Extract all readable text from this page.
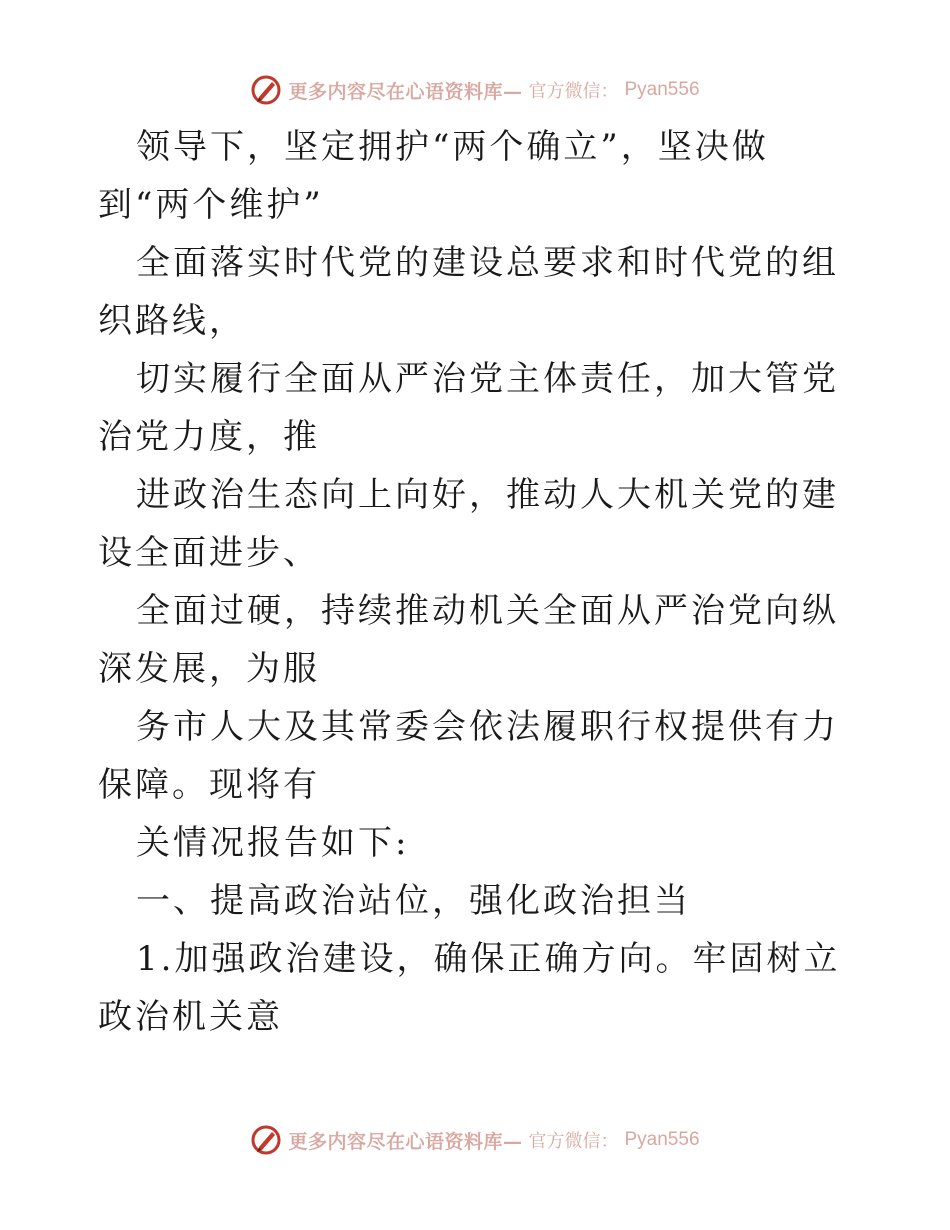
更多内容尽在心语资料库— 官方微信： Pyan556

领导下，坚定拥护“两个确立”，坚决做到“两个维护”

全面落实时代党的建设总要求和时代党的组织路线，

切实履行全面从严治党主体责任，加大管党治党力度，推

进政治生态向上向好，推动人大机关党的建设全面进步、

全面过硬，持续推动机关全面从严治党向纵深发展，为服

务市人大及其常委会依法履职行权提供有力保障。现将有

关情况报告如下:

一、提高政治站位，强化政治担当

1.加强政治建设，确保正确方向。牢固树立政治机关意

更多内容尽在心语资料库— 官方微信： Pyan556
